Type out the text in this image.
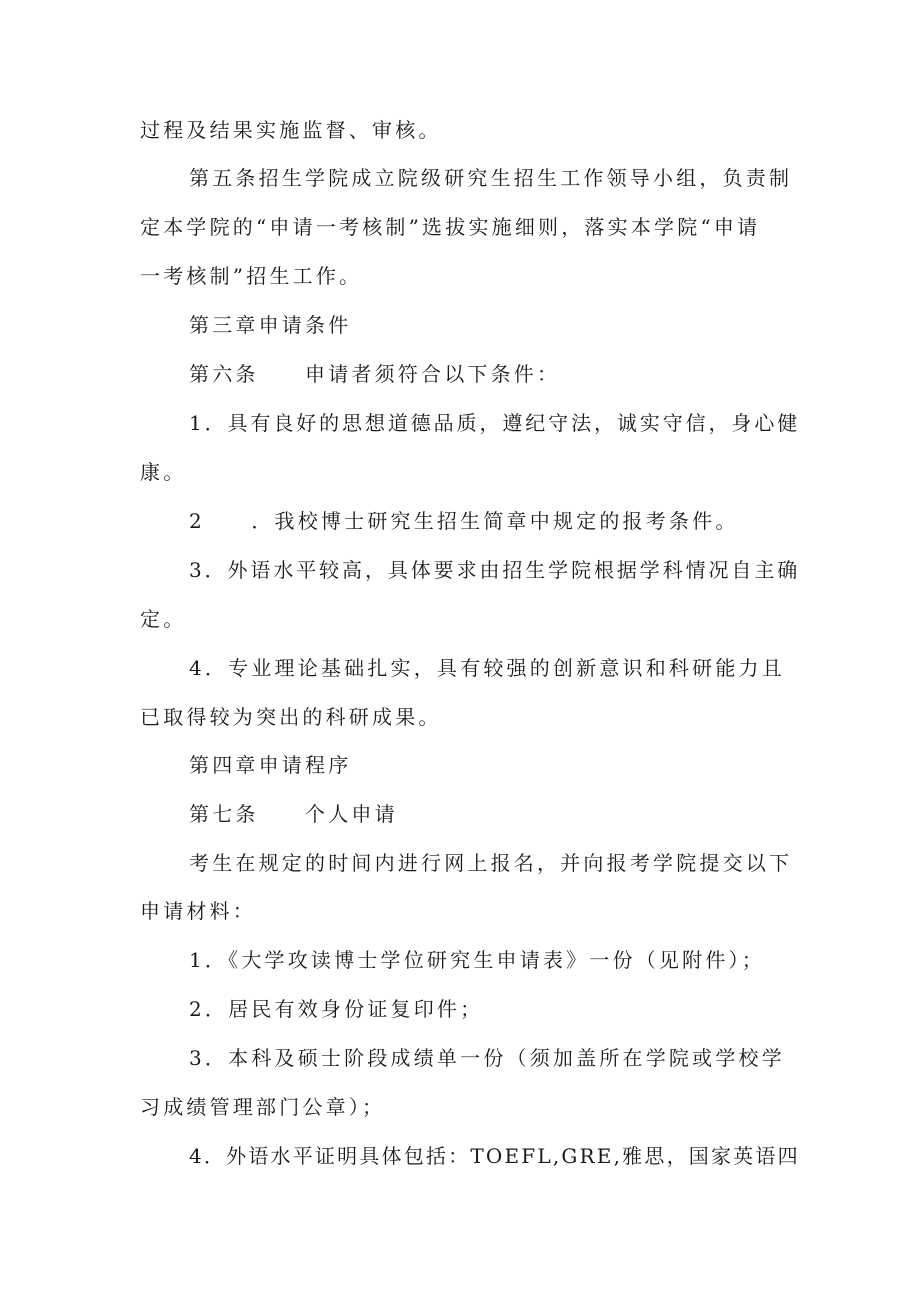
过程及结果实施监督、审核。
第五条招生学院成立院级研究生招生工作领导小组，负责制
定本学院的“申请一考核制”选拔实施细则，落实本学院“申请
一考核制”招生工作。
第三章申请条件
第六条　　申请者须符合以下条件：
1．具有良好的思想道德品质，遵纪守法，诚实守信，身心健
康。
2　　．我校博士研究生招生简章中规定的报考条件。
3．外语水平较高，具体要求由招生学院根据学科情况自主确
定。
4．专业理论基础扎实，具有较强的创新意识和科研能力且
已取得较为突出的科研成果。
第四章申请程序
第七条　　个人申请
考生在规定的时间内进行网上报名，并向报考学院提交以下
申请材料：
1．《大学攻读博士学位研究生申请表》一份（见附件）；
2．居民有效身份证复印件；
3．本科及硕士阶段成绩单一份（须加盖所在学院或学校学
习成绩管理部门公章）；
4．外语水平证明具体包括：TOEFL,GRE,雅思，国家英语四
